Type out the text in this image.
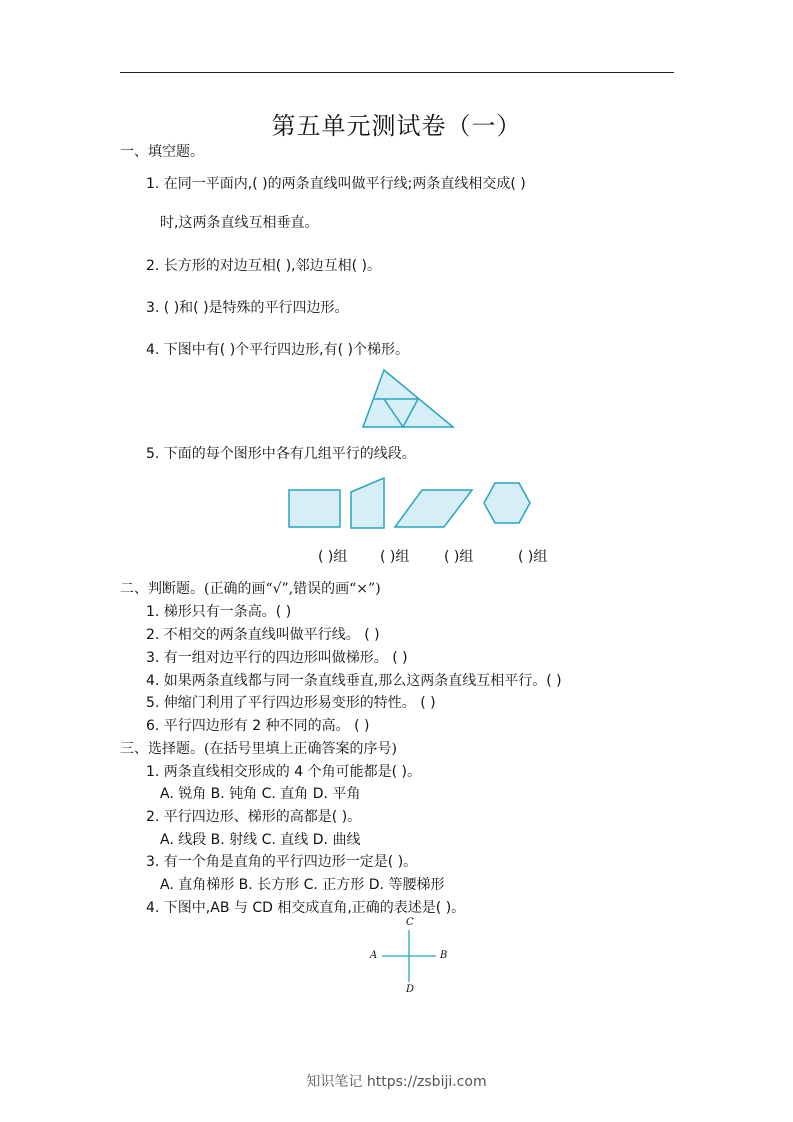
第五单元测试卷（一）
一、填空题。
1. 在同一平面内,( )的两条直线叫做平行线;两条直线相交成( )
时,这两条直线互相垂直。
2. 长方形的对边互相( ),邻边互相( )。
3. ( )和( )是特殊的平行四边形。
4. 下图中有( )个平行四边形,有( )个梯形。
5. 下面的每个图形中各有几组平行的线段。
( )组 ( )组 ( )组	( )组
二、判断题。(正确的画“√”,错误的画“×”)
1. 梯形只有一条高。( )
2. 不相交的两条直线叫做平行线。 ( )
3. 有一组对边平行的四边形叫做梯形。 ( )
4. 如果两条直线都与同一条直线垂直,那么这两条直线互相平行。( )
5. 伸缩门利用了平行四边形易变形的特性。 ( )
6. 平行四边形有 2 种不同的高。 ( )
三、选择题。(在括号里填上正确答案的序号)
1. 两条直线相交形成的 4 个角可能都是( )。
A. 锐角 B. 钝角 C. 直角 D. 平角
2. 平行四边形、梯形的高都是( )。
A. 线段 B. 射线 C. 直线 D. 曲线
3. 有一个角是直角的平行四边形一定是( )。
A. 直角梯形 B. 长方形 C. 正方形 D. 等腰梯形
4. 下图中,AB 与 CD 相交成直角,正确的表述是( )。
A	B
C
D
知识笔记 https://zsbiji.com
